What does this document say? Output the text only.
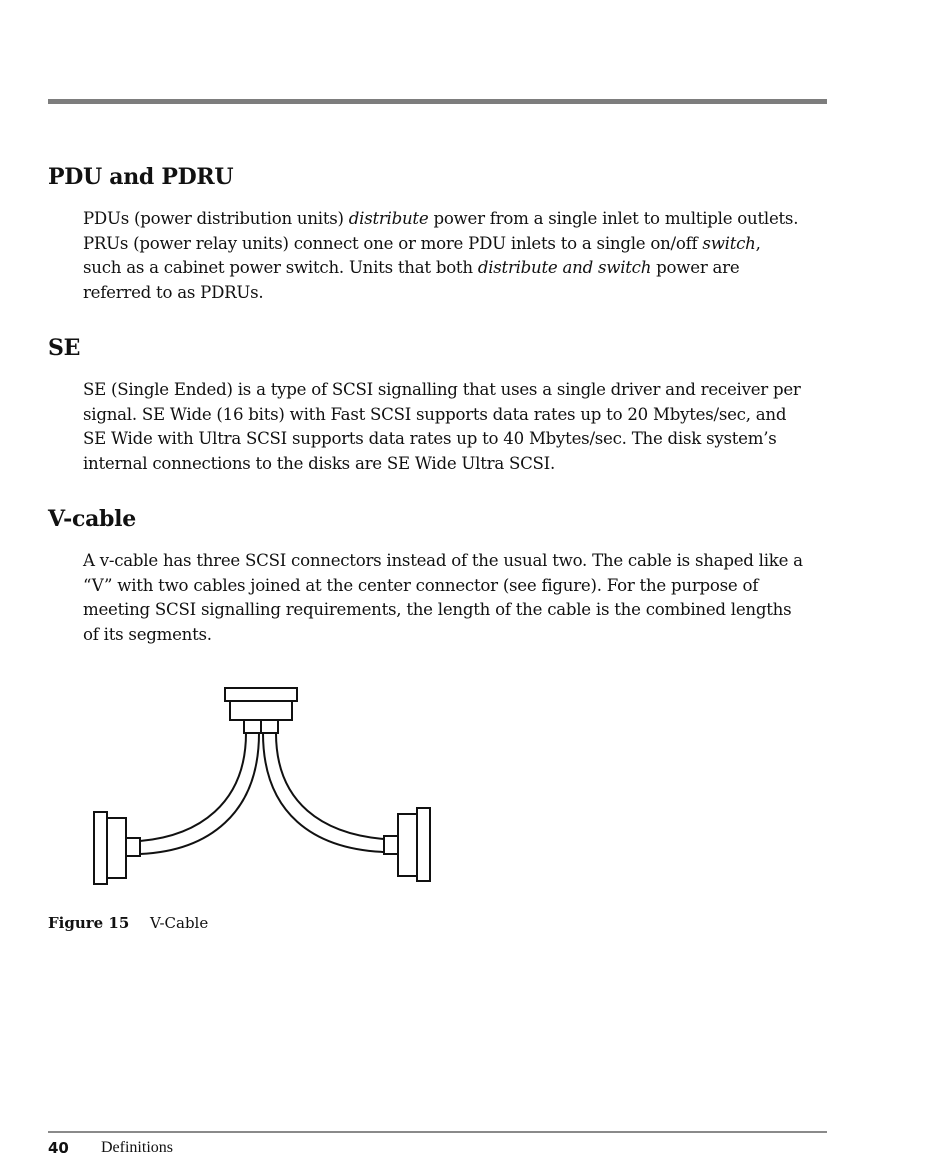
PDU and PDRU

PDUs (power distribution units) distribute power from a single inlet to multiple outlets. PRUs (power relay units) connect one or more PDU inlets to a single on/off switch, such as a cabinet power switch. Units that both distribute and switch power are referred to as PDRUs.

SE

SE (Single Ended) is a type of SCSI signalling that uses a single driver and receiver per signal. SE Wide (16 bits) with Fast SCSI supports data rates up to 20 Mbytes/sec, and SE Wide with Ultra SCSI supports data rates up to 40 Mbytes/sec. The disk system’s internal connections to the disks are SE Wide Ultra SCSI.

V-cable

A v-cable has three SCSI connectors instead of the usual two. The cable is shaped like a “V” with two cables joined at the center connector (see figure). For the purpose of meeting SCSI signalling requirements, the length of the cable is the combined lengths of its segments.

Figure 15 V-Cable
40 Definitions
